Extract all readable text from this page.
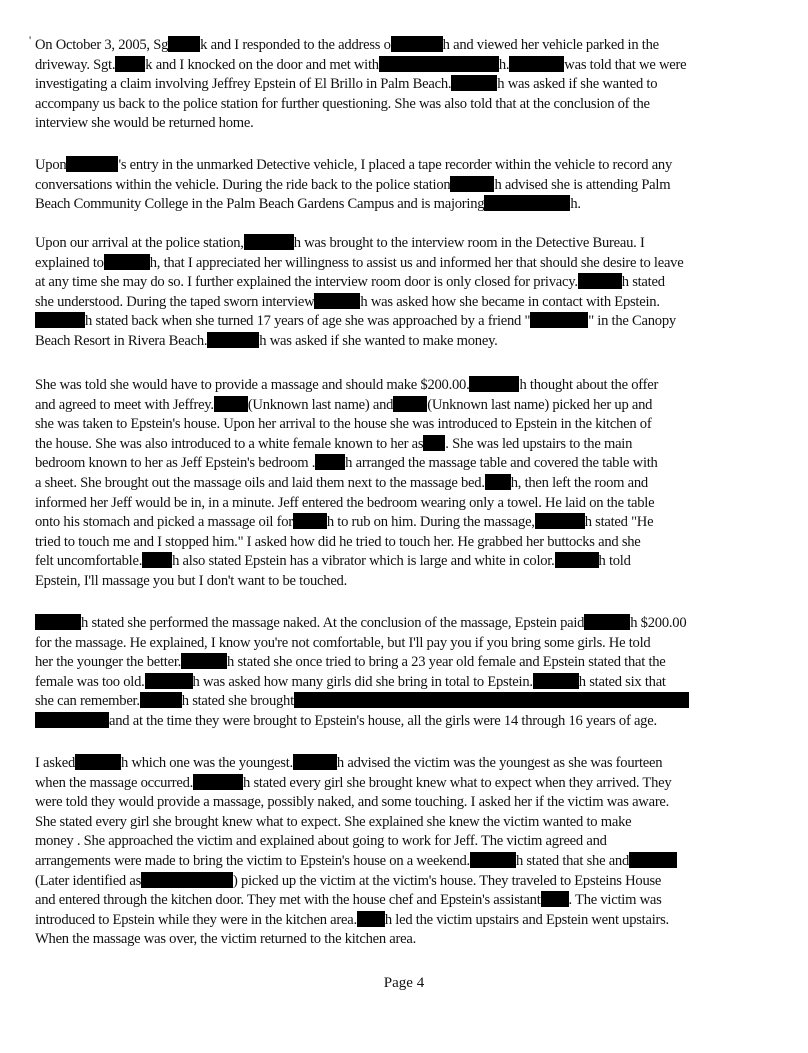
' On October 3, 2005, Sg k and I responded to the address o	h and viewed her vehicle parked in the
driveway. Sgt. k and I knocked on the door and met with	h.	was told that we were
investigating a claim involving Jeffrey Epstein of El Brillo in Palm Beach.	h was asked if she wanted to
accompany us back to the police station for further questioning. She was also told that at the conclusion of the
interview she would be returned home.
Upon	's entry in the unmarked Detective vehicle, I placed a tape recorder within the vehicle to record any
conversations within the vehicle. During the ride back to the police station	h advised she is attending Palm
Beach Community College in the Palm Beach Gardens Campus and is majoring	h.
Upon our arrival at the police station,	h was brought to the interview room in the Detective Bureau. I
explained to	h, that I appreciated her willingness to assist us and informed her that should she desire to leave
at any time she may do so. I further explained the interview room door is only closed for privacy.	h stated
she understood. During the taped sworn interview	h was asked how she became in contact with Epstein.
h stated back when she turned 17 years of age she was approached by a friend "	" in the Canopy
Beach Resort in Rivera Beach.	h was asked if she wanted to make money.
She was told she would have to provide a massage and should make $200.00.	h thought about the offer
and agreed to meet with Jeffrey. (Unknown last name) and (Unknown last name) picked her up and
she was taken to Epstein's house. Upon her arrival to the house she was introduced to Epstein in the kitchen of
the house. She was also introduced to a white female known to her as . She was led upstairs to the main
bedroom known to her as Jeff Epstein's bedroom . h arranged the massage table and covered the table with
a sheet. She brought out the massage oils and laid them next to the massage bed. h, then left the room and
informed her Jeff would be in, in a minute. Jeff entered the bedroom wearing only a towel. He laid on the table
onto his stomach and picked a massage oil for h to rub on him. During the massage,	h stated "He
tried to touch me and I stopped him." I asked how did he tried to touch her. He grabbed her buttocks and she
felt uncomfortable. h also stated Epstein has a vibrator which is large and white in color.	h told
Epstein, I'll massage you but I don't want to be touched.
h stated she performed the massage naked. At the conclusion of the massage, Epstein paid	h $200.00
for the massage. He explained, I know you're not comfortable, but I'll pay you if you bring some girls. He told
her the younger the better.	h stated she once tried to bring a 23 year old female and Epstein stated that the
female was too old.	h was asked how many girls did she bring in total to Epstein.	h stated six that
she can remember.	h stated she brought
and at the time they were brought to Epstein's house, all the girls were 14 through 16 years of age.
I asked	h which one was the youngest.	h advised the victim was the youngest as she was fourteen
when the massage occurred.	h stated every girl she brought knew what to expect when they arrived. They
were told they would provide a massage, possibly naked, and some touching. I asked her if the victim was aware.
She stated every girl she brought knew what to expect. She explained she knew the victim wanted to make
money . She approached the victim and explained about going to work for Jeff. The victim agreed and
arrangements were made to bring the victim to Epstein's house on a weekend.	h stated that she and
(Later identified as	) picked up the victim at the victim's house. They traveled to Epsteins House
and entered through the kitchen door. They met with the house chef and Epstein's assistant . The victim was
introduced to Epstein while they were in the kitchen area. h led the victim upstairs and Epstein went upstairs.
When the massage was over, the victim returned to the kitchen area.
Page 4
